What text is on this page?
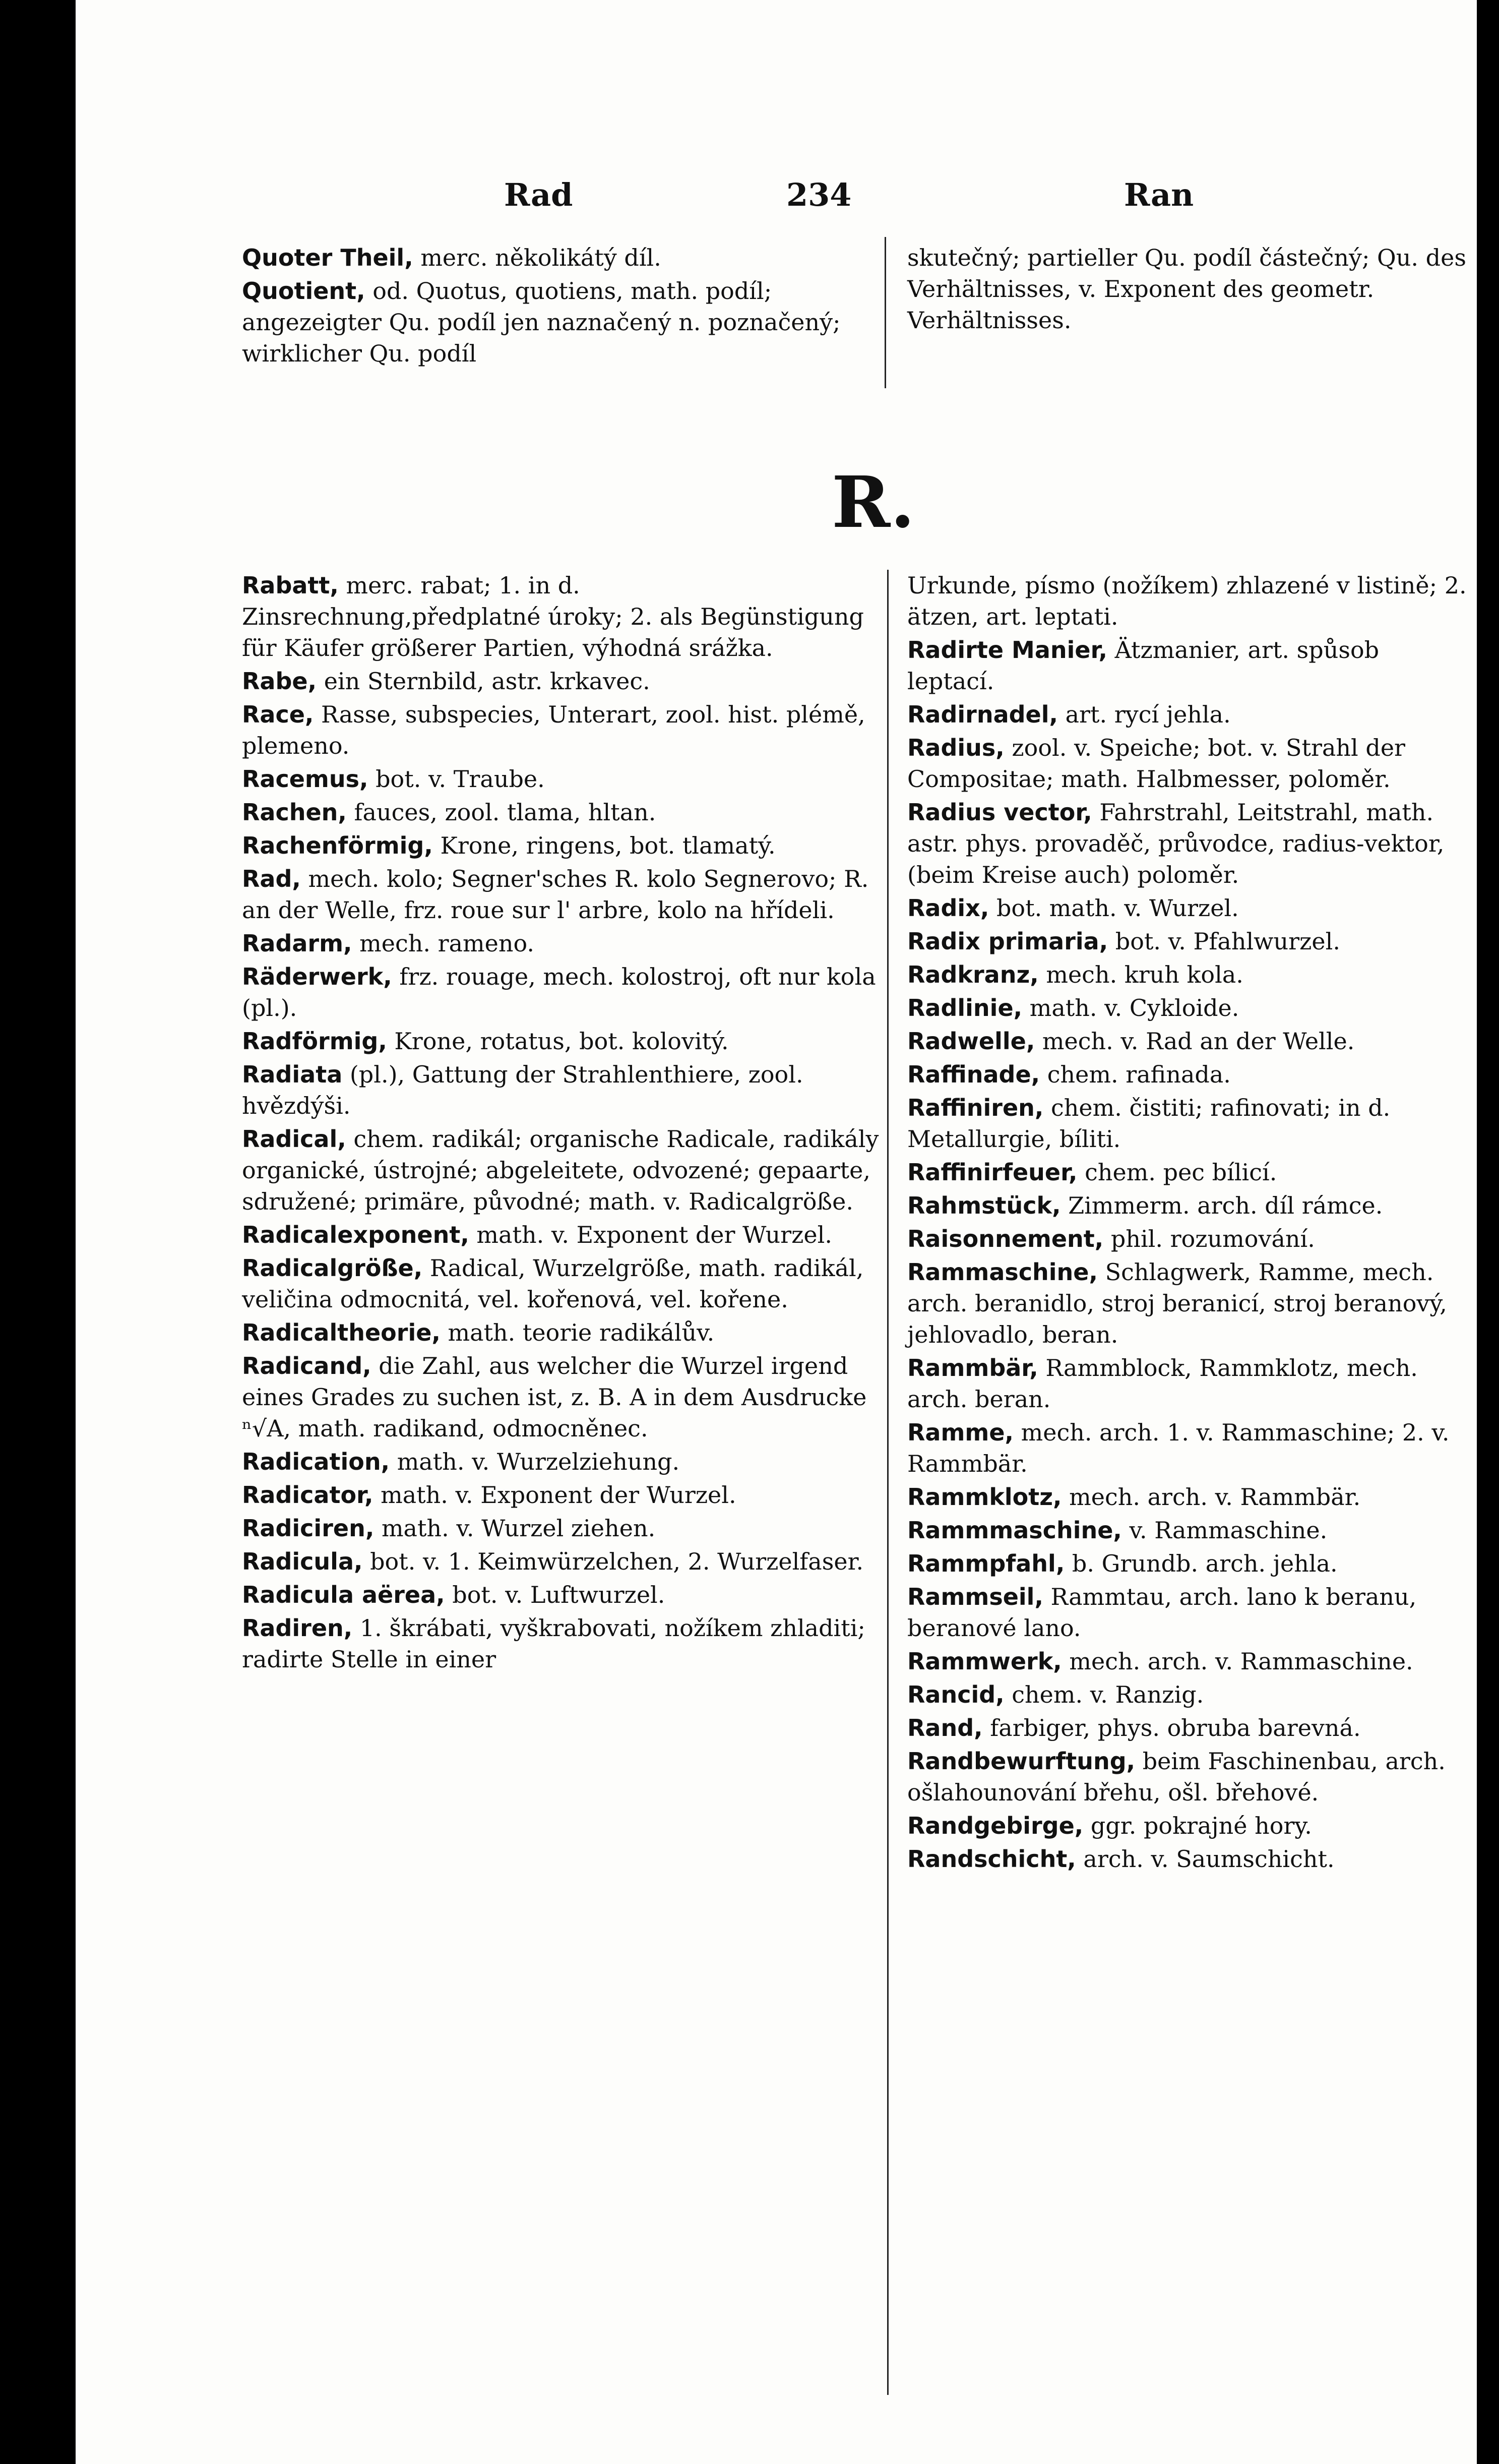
Rad	234	Ran

Quoter Theil, merc. několikátý díl.

Quotient, od. Quotus, quotiens, math. podíl; angezeigter Qu. podíl jen naznačený n. poznačený; wirklicher Qu. podíl

skutečný; partieller Qu. podíl částečný; Qu. des Verhältnisses, v. Exponent des geometr. Verhältnisses.

R.

Rabatt, merc. rabat; 1. in d. Zinsrechnung,předplatné úroky; 2. als Begünstigung für Käufer größerer Partien, výhodná srážka.

Rabe, ein Sternbild, astr. krkavec.

Race, Rasse, subspecies, Unterart, zool. hist. plémě, plemeno.

Racemus, bot. v. Traube.

Rachen, fauces, zool. tlama, hltan.

Rachenförmig, Krone, ringens, bot. tlamatý.

Rad, mech. kolo; Segner'sches R. kolo Segnerovo; R. an der Welle, frz. roue sur l' arbre, kolo na hřídeli.

Radarm, mech. rameno.

Räderwerk, frz. rouage, mech. kolostroj, oft nur kola (pl.).

Radförmig, Krone, rotatus, bot. kolovitý.

Radiata (pl.), Gattung der Strahlenthiere, zool. hvězdýši.

Radical, chem. radikál; organische Radicale, radikály organické, ústrojné; abgeleitete, odvozené; gepaarte, sdružené; primäre, původné; math. v. Radicalgröße.

Radicalexponent, math. v. Exponent der Wurzel.

Radicalgröße, Radical, Wurzelgröße, math. radikál, veličina odmocnitá, vel. kořenová, vel. kořene.

Radicaltheorie, math. teorie radikálův.

Radicand, die Zahl, aus welcher die Wurzel irgend eines Grades zu suchen ist, z. B. A in dem Ausdrucke ⁿ√A, math. radikand, odmocněnec.

Radication, math. v. Wurzelziehung.

Radicator, math. v. Exponent der Wurzel.

Radiciren, math. v. Wurzel ziehen.

Radicula, bot. v. 1. Keimwürzelchen, 2. Wurzelfaser.

Radicula aërea, bot. v. Luftwurzel.

Radiren, 1. škrábati, vyškrabovati, nožíkem zhladiti; radirte Stelle in einer

Urkunde, písmo (nožíkem) zhlazené v listině; 2. ätzen, art. leptati.

Radirte Manier, Ätzmanier, art. spůsob leptací.

Radirnadel, art. rycí jehla.

Radius, zool. v. Speiche; bot. v. Strahl der Compositae; math. Halbmesser, poloměr.

Radius vector, Fahrstrahl, Leitstrahl, math. astr. phys. provaděč, průvodce, radius-vektor, (beim Kreise auch) poloměr.

Radix, bot. math. v. Wurzel.

Radix primaria, bot. v. Pfahlwurzel.

Radkranz, mech. kruh kola.

Radlinie, math. v. Cykloide.

Radwelle, mech. v. Rad an der Welle.

Raffinade, chem. rafinada.

Raffiniren, chem. čistiti; rafinovati; in d. Metallurgie, bíliti.

Raffinirfeuer, chem. pec bílicí.

Rahmstück, Zimmerm. arch. díl rámce.

Raisonnement, phil. rozumování.

Rammaschine, Schlagwerk, Ramme, mech. arch. beranidlo, stroj beranicí, stroj beranový, jehlovadlo, beran.

Rammbär, Rammblock, Rammklotz, mech. arch. beran.

Ramme, mech. arch. 1. v. Rammaschine; 2. v. Rammbär.

Rammklotz, mech. arch. v. Rammbär.

Rammmaschine, v. Rammaschine.

Rammpfahl, b. Grundb. arch. jehla.

Rammseil, Rammtau, arch. lano k beranu, beranové lano.

Rammwerk, mech. arch. v. Rammaschine.

Rancid, chem. v. Ranzig.

Rand, farbiger, phys. obruba barevná.

Randbewurftung, beim Faschinenbau, arch. ošlahounování břehu, ošl. břehové.

Randgebirge, ggr. pokrajné hory.

Randschicht, arch. v. Saumschicht.
